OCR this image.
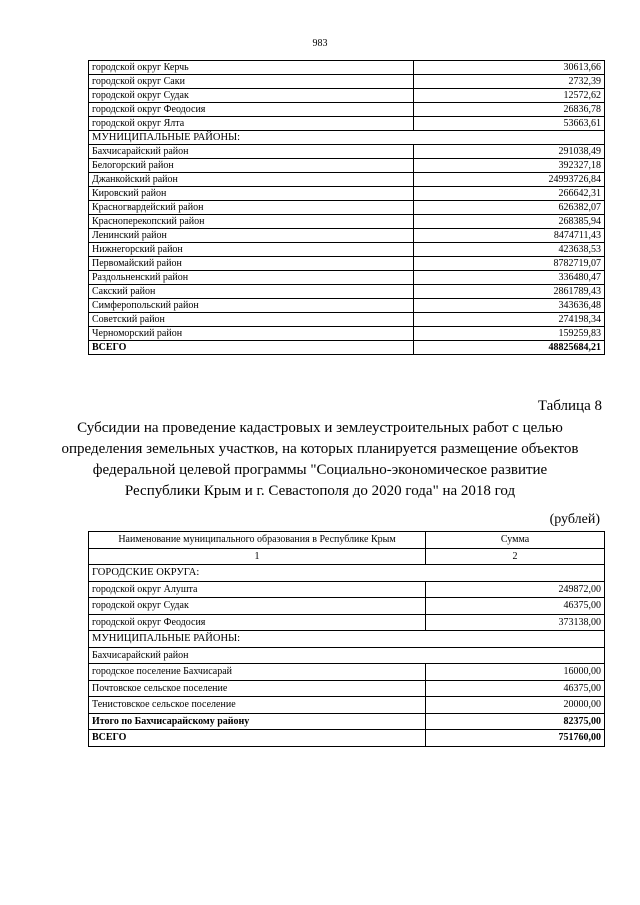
983
городской округ Керчь	30613,66
городской округ Саки	2732,39
городской округ Судак	12572,62
городской округ Феодосия	26836,78
городской округ Ялта	53663,61
МУНИЦИПАЛЬНЫЕ РАЙОНЫ:	
Бахчисарайский район	291038,49
Белогорский район	392327,18
Джанкойский район	24993726,84
Кировский район	266642,31
Красногвардейский район	626382,07
Красноперекопский район	268385,94
Ленинский район	8474711,43
Нижнегорский район	423638,53
Первомайский район	8782719,07
Раздольненский район	336480,47
Сакский район	2861789,43
Симферопольский район	343636,48
Советский район	274198,34
Черноморский район	159259,83
ВСЕГО	48825684,21
Таблица 8
Субсидии на проведение кадастровых и землеустроительных работ с целью определения земельных участков, на которых планируется размещение объектов федеральной целевой программы "Социально-экономическое развитие Республики Крым и г. Севастополя до 2020 года" на 2018 год
(рублей)
Наименование муниципального образования в Республике Крым	Сумма
1	2
ГОРОДСКИЕ ОКРУГА:	
городской округ Алушта	249872,00
городской округ Судак	46375,00
городской округ Феодосия	373138,00
МУНИЦИПАЛЬНЫЕ РАЙОНЫ:	
Бахчисарайский район	
городское поселение Бахчисарай	16000,00
Почтовское сельское поселение	46375,00
Тенистовское сельское поселение	20000,00
Итого по Бахчисарайскому району	82375,00
ВСЕГО	751760,00
